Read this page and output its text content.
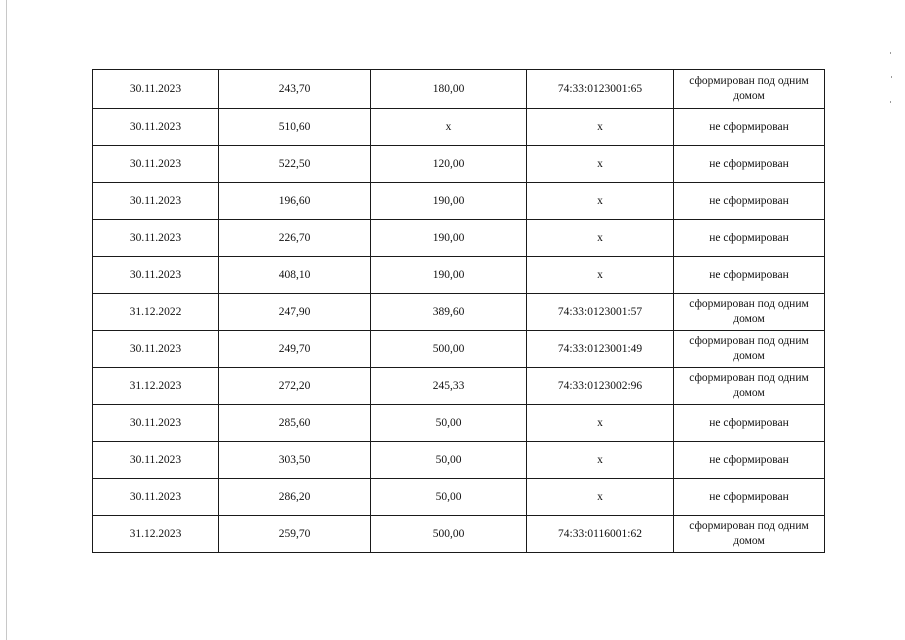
30.11.2023	243,70	180,00	74:33:0123001:65	сформирован под одним домом

30.11.2023	510,60	x	x	не сформирован

30.11.2023	522,50	120,00	x	не сформирован

30.11.2023	196,60	190,00	x	не сформирован

30.11.2023	226,70	190,00	x	не сформирован

30.11.2023	408,10	190,00	x	не сформирован

31.12.2022	247,90	389,60	74:33:0123001:57	сформирован под одним домом

30.11.2023	249,70	500,00	74:33:0123001:49	сформирован под одним домом

31.12.2023	272,20	245,33	74:33:0123002:96	сформирован под одним домом

30.11.2023	285,60	50,00	x	не сформирован

30.11.2023	303,50	50,00	x	не сформирован

30.11.2023	286,20	50,00	x	не сформирован

31.12.2023	259,70	500,00	74:33:0116001:62	сформирован под одним домом
